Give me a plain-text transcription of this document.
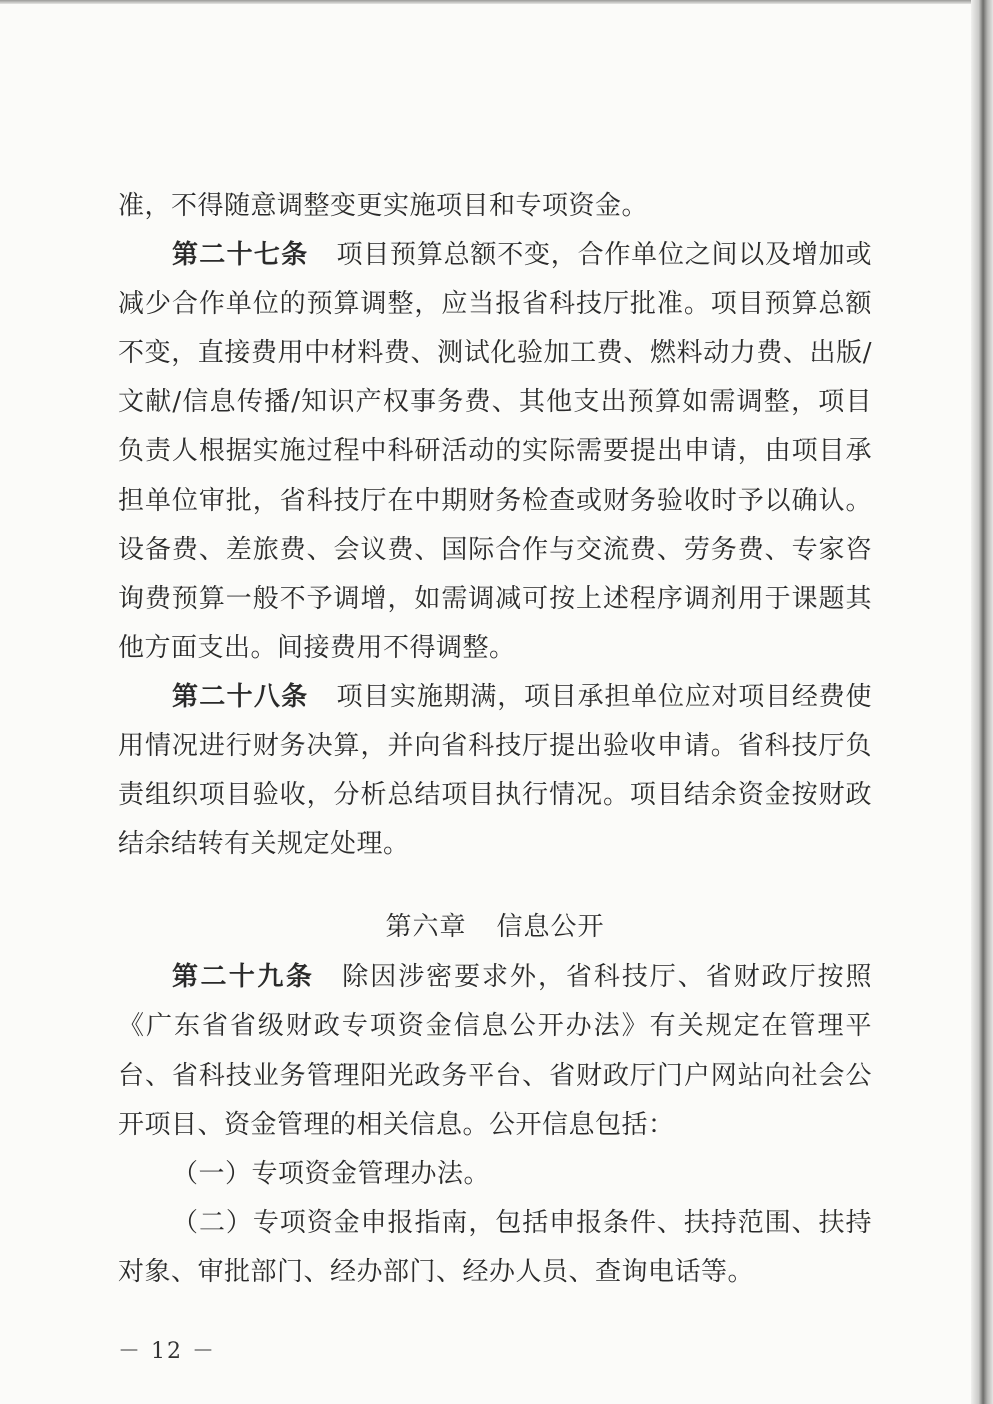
准，不得随意调整变更实施项目和专项资金。

第二十七条 项目预算总额不变，合作单位之间以及增加或减少合作单位的预算调整，应当报省科技厅批准。项目预算总额不变，直接费用中材料费、测试化验加工费、燃料动力费、出版/文献/信息传播/知识产权事务费、其他支出预算如需调整，项目负责人根据实施过程中科研活动的实际需要提出申请，由项目承担单位审批，省科技厅在中期财务检查或财务验收时予以确认。设备费、差旅费、会议费、国际合作与交流费、劳务费、专家咨询费预算一般不予调增，如需调减可按上述程序调剂用于课题其他方面支出。间接费用不得调整。

第二十八条 项目实施期满，项目承担单位应对项目经费使用情况进行财务决算，并向省科技厅提出验收申请。省科技厅负责组织项目验收，分析总结项目执行情况。项目结余资金按财政结余结转有关规定处理。

第六章 信息公开

第二十九条 除因涉密要求外，省科技厅、省财政厅按照《广东省省级财政专项资金信息公开办法》有关规定在管理平台、省科技业务管理阳光政务平台、省财政厅门户网站向社会公开项目、资金管理的相关信息。公开信息包括：

（一）专项资金管理办法。

（二）专项资金申报指南，包括申报条件、扶持范围、扶持对象、审批部门、经办部门、经办人员、查询电话等。

－ 12 －
